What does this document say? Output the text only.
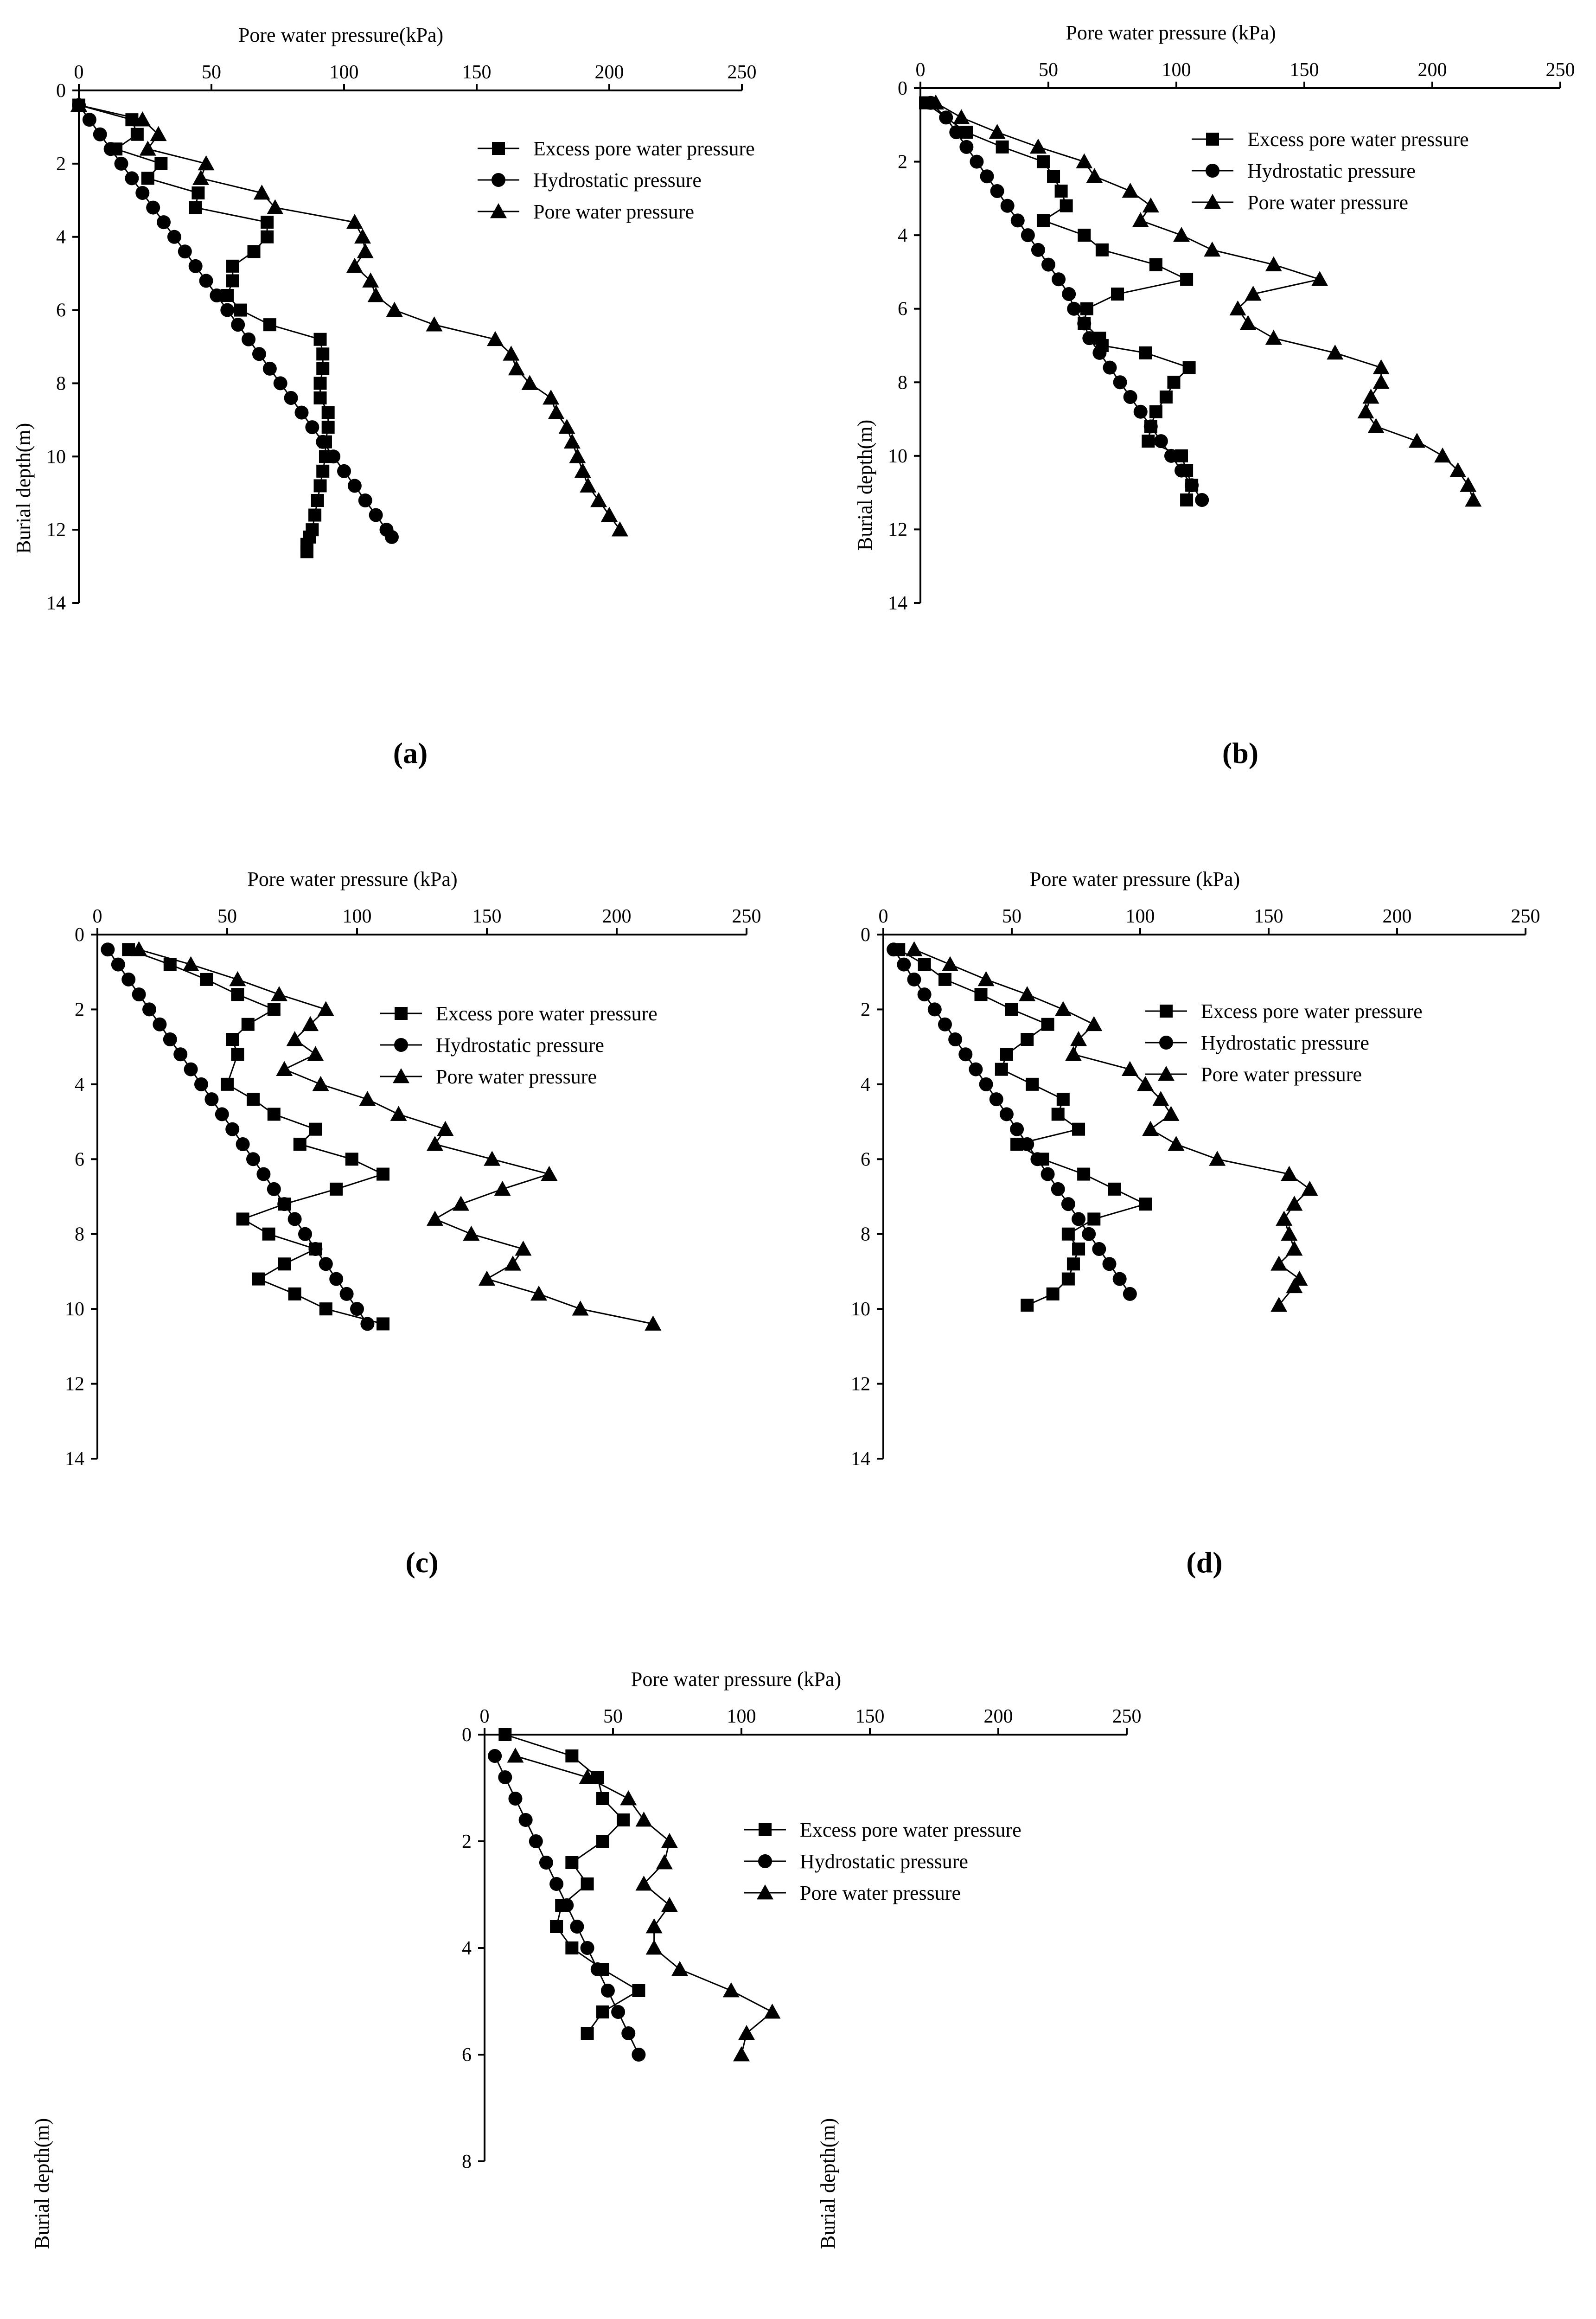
0	50	100	150	200	250
0
2
4
6
8
10
12
14
Pore water pressure(kPa)
Burial depth(m)
Excess pore water pressure
Hydrostatic pressure
Pore water pressure
(a)
0	50	100	150	200	250
0
2
4
6
8
10
12
14
Pore water pressure (kPa)
Burial depth(m)
Excess pore water pressure
Hydrostatic pressure
Pore water pressure
(b)
0	50	100	150	200	250
0
2
4
6
8
10
12
14
Pore water pressure (kPa)
Burial depth(m)
Excess pore water pressure
Hydrostatic pressure
Pore water pressure
(c)
0	50	100	150	200	250
0
2
4
6
8
10
12
14
Pore water pressure (kPa)
Burial depth(m)
Excess pore water pressure
Hydrostatic pressure
Pore water pressure
(d)
0	50	100	150	200	250
0
2
4
6
8
Pore water pressure (kPa)
Excess pore water pressure
Hydrostatic pressure
Pore water pressure
